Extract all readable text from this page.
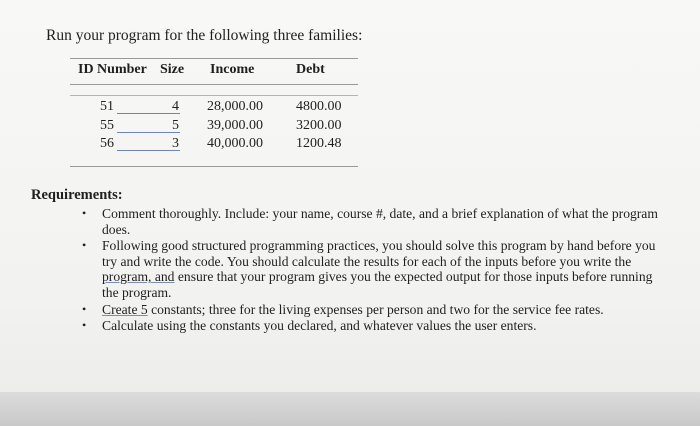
Run your program for the following three families:
ID Number Size Income	Debt
51	4 28,000.00 4800.00
55	5 39,000.00 3200.00
56	3 40,000.00 1200.48
Requirements:
• Comment thoroughly. Include: your name, course #, date, and a brief explanation of what the program does.
• Following good structured programming practices, you should solve this program by hand before you try and write the code. You should calculate the results for each of the inputs before you write the program, and ensure that your program gives you the expected output for those inputs before running the program.
• Create 5 constants; three for the living expenses per person and two for the service fee rates.
• Calculate using the constants you declared, and whatever values the user enters.
